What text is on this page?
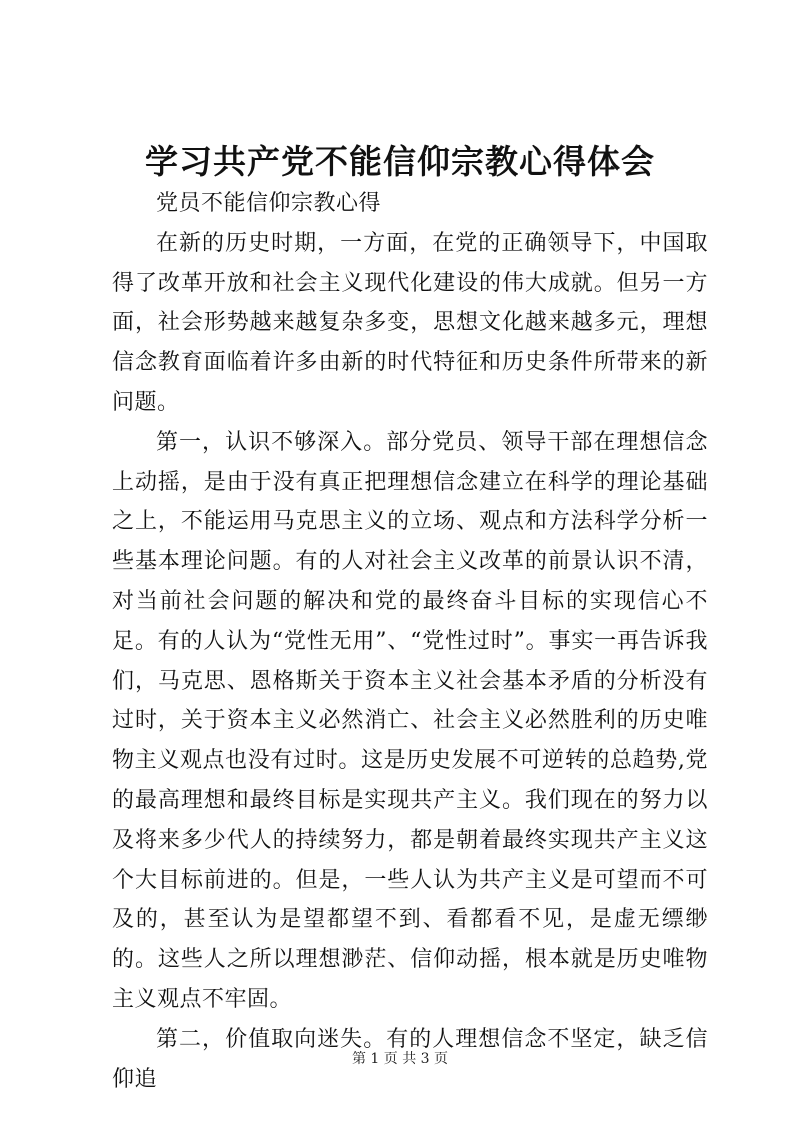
学习共产党不能信仰宗教心得体会

党员不能信仰宗教心得

在新的历史时期，一方面，在党的正确领导下，中国取得了改革开放和社会主义现代化建设的伟大成就。但另一方面，社会形势越来越复杂多变，思想文化越来越多元，理想信念教育面临着许多由新的时代特征和历史条件所带来的新问题。

第一，认识不够深入。部分党员、领导干部在理想信念上动摇，是由于没有真正把理想信念建立在科学的理论基础之上，不能运用马克思主义的立场、观点和方法科学分析一些基本理论问题。有的人对社会主义改革的前景认识不清，对当前社会问题的解决和党的最终奋斗目标的实现信心不足。有的人认为“党性无用”、“党性过时”。事实一再告诉我们，马克思、恩格斯关于资本主义社会基本矛盾的分析没有过时，关于资本主义必然消亡、社会主义必然胜利的历史唯物主义观点也没有过时。这是历史发展不可逆转的总趋势,党的最高理想和最终目标是实现共产主义。我们现在的努力以及将来多少代人的持续努力，都是朝着最终实现共产主义这个大目标前进的。但是，一些人认为共产主义是可望而不可及的，甚至认为是望都望不到、看都看不见，是虚无缥缈的。这些人之所以理想渺茫、信仰动摇，根本就是历史唯物主义观点不牢固。

第二，价值取向迷失。有的人理想信念不坚定，缺乏信仰追

第 1 页 共 3 页
